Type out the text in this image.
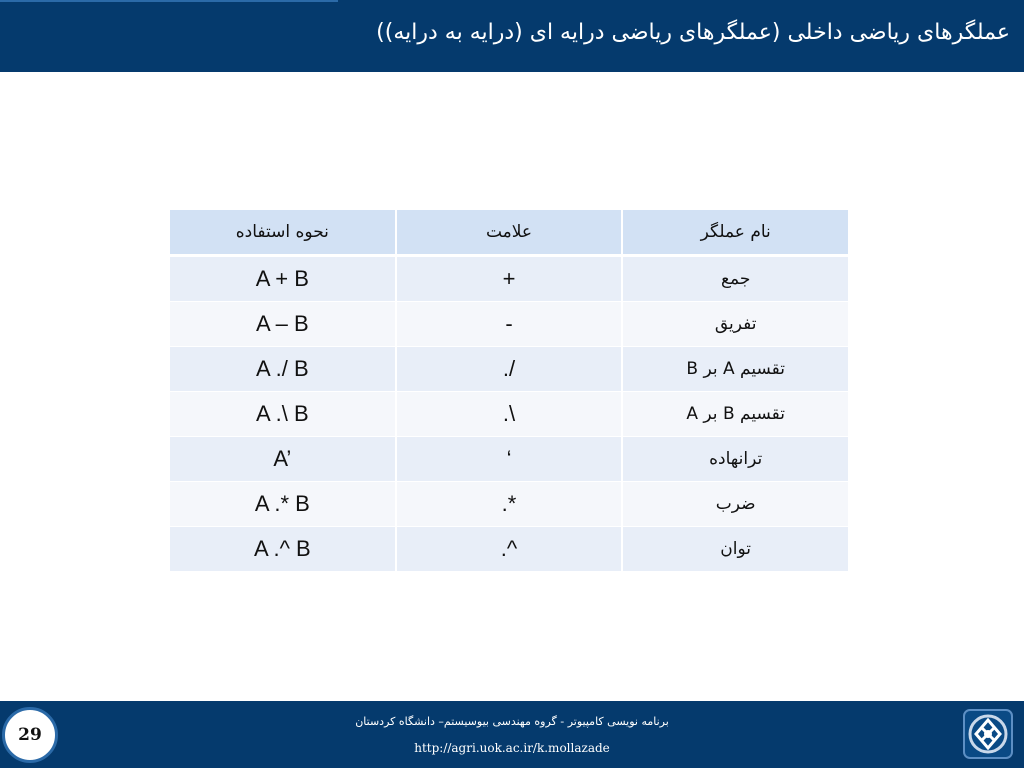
عملگرهای ریاضی داخلی (عملگرهای ریاضی درایه ای (درایه به درایه))
نام عملگر	علامت	نحوه استفاده
جمع	+	A + B
تفریق	-	A – B
تقسیم A بر B	./	A ./ B
تقسیم B بر A	.\	A .\ B
ترانهاده	‘	A’
ضرب	.*	A .* B
توان	.^	A .^ B
برنامه نویسی کامپیوتر - گروه مهندسی بیوسیستم– دانشگاه کردستان
http://agri.uok.ac.ir/k.mollazade
29
